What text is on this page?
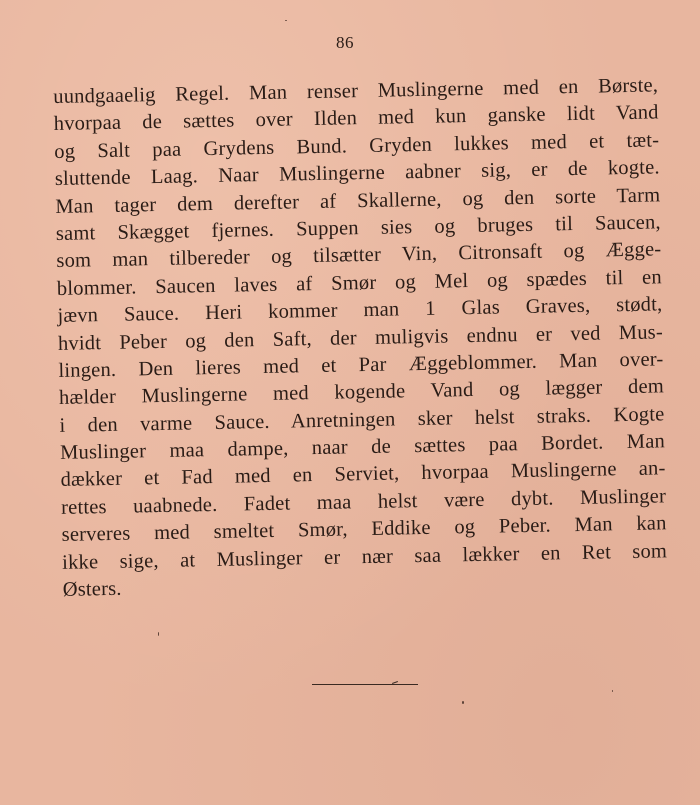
86
uundgaaelig Regel. Man renser Muslingerne med en Børste,
hvorpaa de sættes over Ilden med kun ganske lidt Vand
og Salt paa Grydens Bund. Gryden lukkes med et tæt-
sluttende Laag. Naar Muslingerne aabner sig, er de kogte.
Man tager dem derefter af Skallerne, og den sorte Tarm
samt Skægget fjernes. Suppen sies og bruges til Saucen,
som man tilbereder og tilsætter Vin, Citronsaft og Ægge-
blommer. Saucen laves af Smør og Mel og spædes til en
jævn Sauce. Heri kommer man 1 Glas Graves, stødt,
hvidt Peber og den Saft, der muligvis endnu er ved Mus-
lingen. Den lieres med et Par Æggeblommer. Man over-
hælder Muslingerne med kogende Vand og lægger dem
i den varme Sauce. Anretningen sker helst straks. Kogte
Muslinger maa dampe, naar de sættes paa Bordet. Man
dækker et Fad med en Serviet, hvorpaa Muslingerne an-
rettes uaabnede. Fadet maa helst være dybt. Muslinger
serveres med smeltet Smør, Eddike og Peber. Man kan
ikke sige, at Muslinger er nær saa lækker en Ret som
Østers.
